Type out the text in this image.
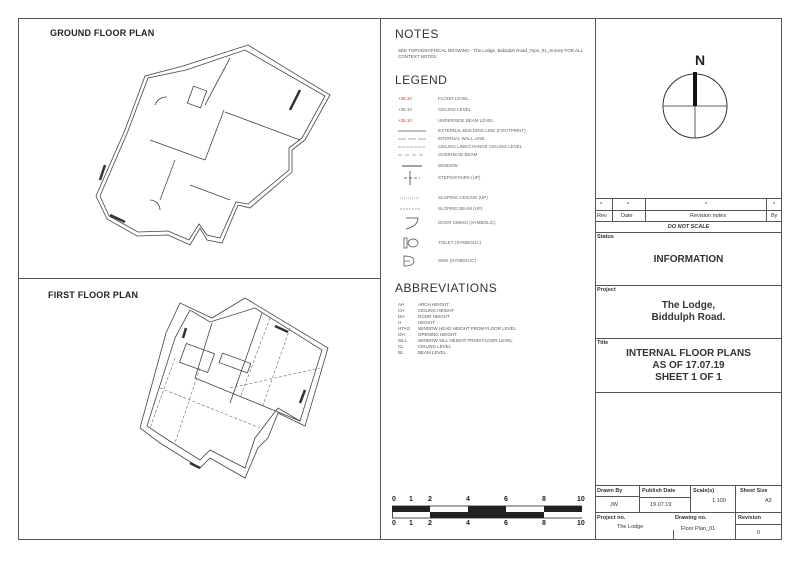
GROUND FLOOR PLAN
FIRST FLOOR PLAN
NOTES
SEE TOPOGRAPHICAL DRAWING - The Lodge, Biddulph Road_Topo_01_Survey FOR ALL CONTEXT NOTES.
LEGEND
+35.10	FLOOR LEVEL
+35.10	CEILING LEVEL
+35.10	UNDERSIDE BEAM LEVEL
EXTERNAL BUILDING LINE (FOOTPRINT)
INTERNAL WALL LINE
CEILING LINE/CHANGE CEILING LEVEL
OVERHEAD BEAM
WINDOW
STEPS/STAIRS (UP)
SLOPING CEILING (UP)
SLOPING BEAM (UP)
DOOR SWING (SYMBOLIC)
TOILET (SYMBOLIC)
SINK (SYMBOLIC)
ABBREVIATIONS
AH	ARCH HEIGHT
CH	CEILING HEIGHT
DH	DOOR HEIGHT
H	HEIGHT
HTAG WINDOW HEAD HEIGHT FROM FLOOR LEVEL
OH	OPENING HEIGHT
SILL WINDOW SILL HEIGHT FROM FLOOR LEVEL
CL	CEILING LEVEL
BL	BEAM LEVEL
0 1 2	4	6	8	10
0 1 2	4	6	8	10
N
*	*	*	*
Rev	Date	Revision notes	By
DO NOT SCALE
Status
INFORMATION
Project
The Lodge,
Biddulph Road.
Title
INTERNAL FLOOR PLANS
AS OF 17.07.19
SHEET 1 OF 1
Drawn By
JW
Publish Date
19.07.19
Scale(s)
1:100
Sheet Size
A3
Project no.
The Lodge
Drawing no.
Floor Plan_01
Revision
0
